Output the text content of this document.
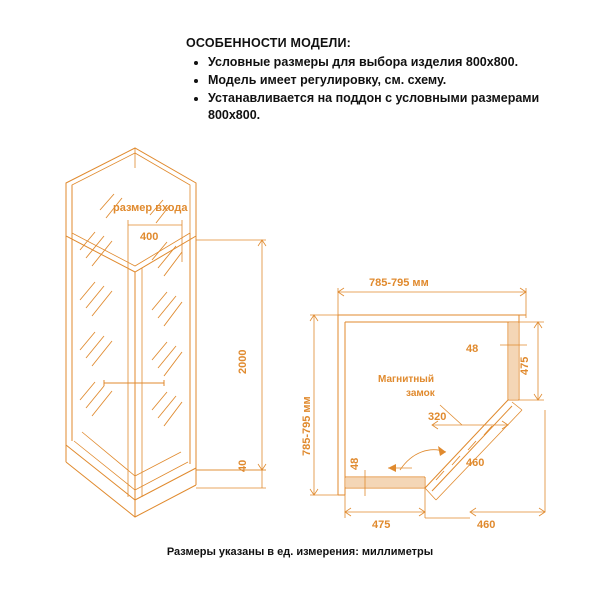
ОСОБЕННОСТИ МОДЕЛИ:

• Условные размеры для выбора изделия 800x800.
• Модель имеет регулировку, см. схему.
• Устанавливается на поддон с условными размерами 800x800.
размер входа
400
2000
40
Магнитный
замок
785-795 мм
785-795 мм
48
475
48
475
320
460
460
Размеры указаны в ед. измерения: миллиметры
